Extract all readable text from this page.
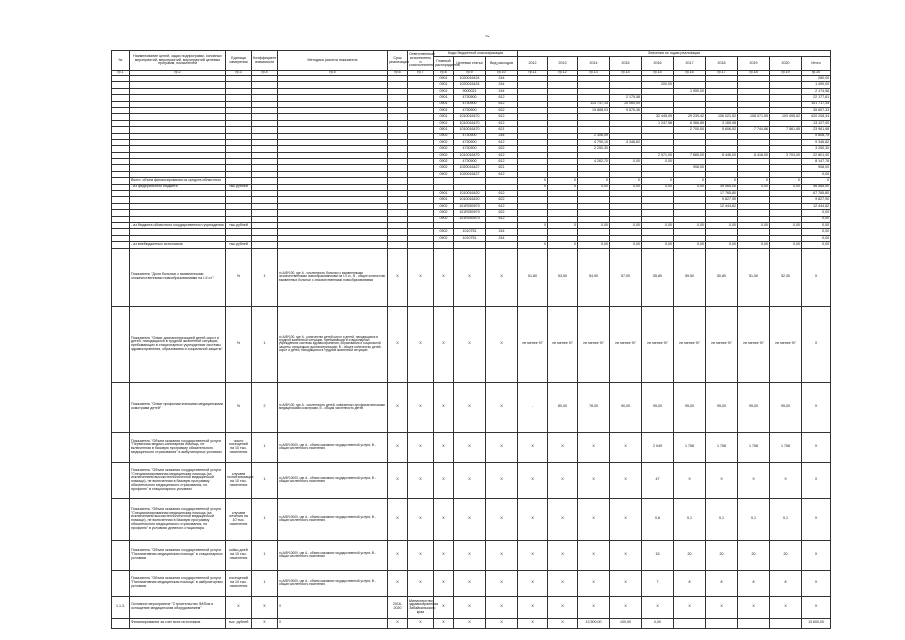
~
№	Наименование целей, задач подпрограмм, основных мероприятий, мероприятий, мероприятий целевых программ, показателей	Единица измерения	Коэффициент значимости	Методика расчета показателя	Срок реализации	Ответственный исполнитель и соисполнители	Коды бюджетной классификации			Значения по годам реализации									
							Главный распорядитель	Целевая статья	Вид расходов	2012	2013	2014	2015	2016	2017	2018	2019	2020	Итого
гр.1	гр.2	гр.3	гр.4	гр.5	гр.6	гр.7	гр.8	гр.9	гр.10	гр.11	гр.12	гр.13	гр.14	гр.15	гр.16	гр.17	гр.18	гр.19	гр.20
							0901	1020016424	244										280,00
							0901	1020016424	244					200,00					1 490,00
							0901	9000021	244						1 950,00				2 174,58
							0901	4730900	612				2 175,58						22 177,81
							0901	4730900	612			114 737,15	15 060,00						101 717,34
							0901	4730900	622			15 888,03	9 575,36						35 807,33
							0901	1010016470	612					32 445,09	29 239,42	106 021,52	108 071,55	103 495,52	420 208,34
							0901	1010016470	612					1 247,58	8 366,89	3 165,98			13 127,00
							0901	1010016470	621						2 700,00	5 606,92	7 744,86	7 561,95	23 961,98
							0902	4730900	244			2 306,59							5 808,79
							0902	4730900	612			4 790,10	4 346,82						9 346,82
							0902	4730900	622			2 250,30							3 250,30
							0902	1010016470	612					2 571,00	7 665,00	8 446,00	8 416,00	3 703,00	22 801,00
							0902	4730900	612			4 262,70	0,00	0,00					8 147,78
							0902	1020016427	621						908,00				908,00
							0902	1020016427	612										0,00
	Всего: объем финансирования из средств областного									0	0	0	0	0	0	0	0	0	0
	- из федерального бюджета	тыс.рублей								0	0	0,00	0,00	0,00	0,00	39 065,00	0,00	0,00	98 065,00
							0901	1010016420	612							17 765,80			67 765,80
							0901	1010016420	622							9 827,90			9 827,90
							0902	101R050970	612							12 444,82			12 444,82
							0902	101R050970	622										0,00
							0902	101R050970	612										0,00
	- из бюджета областного государственного учреждения	тыс.рублей								0	0	0,00	0,00	0,00	0,00	0,00	0,00	0,00	0,00
							0902	1010751	244										0,00
							0902	1010751	244										0,00
	- из внебюджетных источников	тыс.рублей								0	0	0,00	0,00	0,00	0,00	0,00	0,00	0,00	0,00
	Показатель "Доля больных с выявленными злокачественными новообразованиями на I-II ст."	%	1	n=A/B*100, где A - численность больных с выявленными злокачественными новообразованиями на I-II ст., B - общее количество выявленных больных с злокачественными новообразованиями	X	X	X	X	X	51,80	53,50	54,90	57,00	55,80	59,50	50,80	51,50	52,30	X
	Показатель "Охват диспансеризацией детей-сирот и детей, находящихся в трудной жизненной ситуации, пребывающих в стационарных учреждениях системы здравоохранения, образования и социальной защиты"	%	1	n=A/B*100, где A - количество детей-сирот и детей, находящихся в трудной жизненной ситуации, пребывающих в стационарных учреждениях системы здравоохранения, образования и социальной защиты, прошедших диспансеризацию; B - общее количество детей-сирот и детей, находящихся в трудной жизненной ситуации	X	X	X	X	X	не менее 97	не менее 97	не менее 97	не менее 97	не менее 97	не менее 97	не менее 97	не менее 97	не менее 97	X
	Показатель "Охват профилактическими медицинскими осмотрами детей"	%	2	n=A/B*100, где A - численность детей, охваченных профилактическими медицинскими осмотрами, B - общая численность детей	X	X	X	X	X	-	80,00	78,00	90,00	95,00	95,00	95,00	95,00	95,00	X
	Показатель "Объем оказания государственной услуги "Первичная медико-санитарная помощь, не включенная в базовую программу обязательного медицинского страхования" в амбулаторных условиях	число посещений на 10 тыс. населения	1	n=A/B*10000, где A - объем оказания государственной услуги; B - общая численность населения	X	X	X	X	X	X	X	X	X	2 049	1 758	1 758	1 758	1 758	X
	Показатель "Объем оказания государственной услуги "Специализированная медицинская помощь (за исключением высокотехнологичной медицинской помощи), не включенная в базовую программу обязательного медицинского страхования, по профилю" в стационарных условиях	случаев госпитализации на 10 тыс. населения	1	n=A/B*10000, где A - объем оказания государственной услуги; B - общая численность населения	X	X	X	X	X	X	X	X	X	47	9	9	9	9	X
	Показатель "Объем оказания государственной услуги "Специализированная медицинская помощь (за исключением высокотехнологичной медицинской помощи), не включенная в базовую программу обязательного медицинского страхования, по профилю" в условиях дневного стационара	случаев лечения на 10 тыс. населения	1	n=A/B*10000, где A - объем оказания государственной услуги; B - общая численность населения	X	X	X	X	X	X	X	X	X	0,6	0,1	0,1	0,1	0,1	X
	Показатель "Объем оказания государственной услуги "Паллиативная медицинская помощь" в стационарных условиях	койко-дней на 10 тыс. населения	1	n=A/B*10000, где A - объем оказания государственной услуги; B - общая численность населения	X	X	X	X	X	X	X	X	X	15	20	20	20	20	X
	Показатель "Объем оказания государственной услуги "Паллиативная медицинская помощь" в амбулаторных условиях	посещений на 10 тыс. населения	1	n=A/B*10000, где A - объем оказания государственной услуги; B - общая численность населения	X	X	X	X	X	X	X	X	X	7	8	8	8	8	X
1.1.3.	Основное мероприятие "Строительство ФАПов и оснащение медицинским оборудованием"	X	X	X	2016-2020	Министерство здравоохранения Забайкальского края	X	X	X	X	X	X	X	X	X	X	X	X	X
	Финансирование за счет всех источников	тыс. рублей	X	X	X	X	X	X	X	X	X	13 500,00	100,00	0,00					13 600,00
